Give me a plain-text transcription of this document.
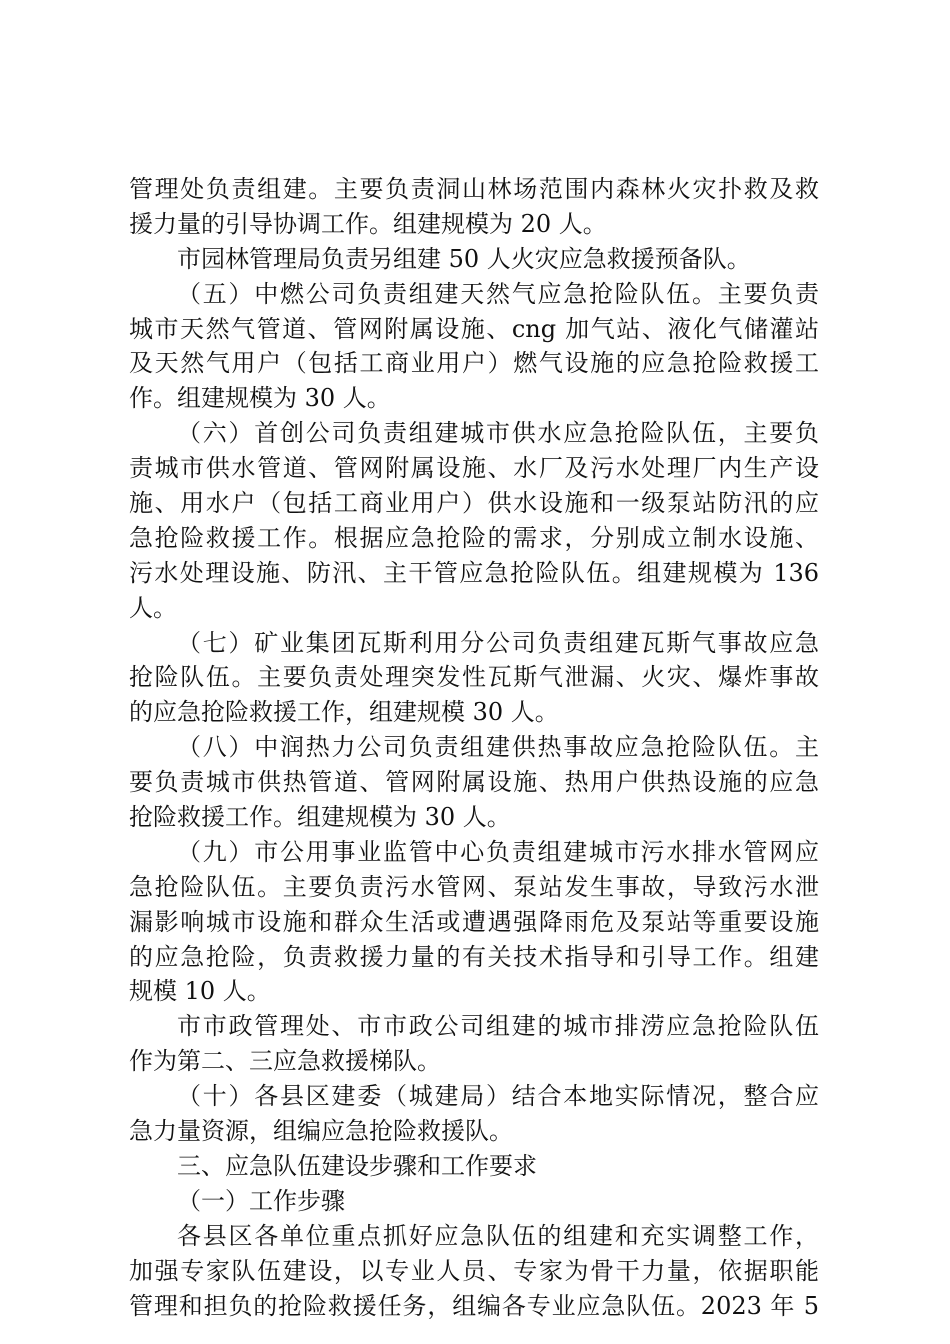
管理处负责组建。主要负责洞山林场范围内森林火灾扑救及救
援力量的引导协调工作。组建规模为 20 人。
市园林管理局负责另组建 50 人火灾应急救援预备队。
（五）中燃公司负责组建天然气应急抢险队伍。主要负责
城市天然气管道、管网附属设施、cng 加气站、液化气储灌站
及天然气用户（包括工商业用户）燃气设施的应急抢险救援工
作。组建规模为 30 人。
（六）首创公司负责组建城市供水应急抢险队伍，主要负
责城市供水管道、管网附属设施、水厂及污水处理厂内生产设
施、用水户（包括工商业用户）供水设施和一级泵站防汛的应
急抢险救援工作。根据应急抢险的需求，分别成立制水设施、
污水处理设施、防汛、主干管应急抢险队伍。组建规模为 136
人。
（七）矿业集团瓦斯利用分公司负责组建瓦斯气事故应急
抢险队伍。主要负责处理突发性瓦斯气泄漏、火灾、爆炸事故
的应急抢险救援工作，组建规模 30 人。
（八）中润热力公司负责组建供热事故应急抢险队伍。主
要负责城市供热管道、管网附属设施、热用户供热设施的应急
抢险救援工作。组建规模为 30 人。
（九）市公用事业监管中心负责组建城市污水排水管网应
急抢险队伍。主要负责污水管网、泵站发生事故，导致污水泄
漏影响城市设施和群众生活或遭遇强降雨危及泵站等重要设施
的应急抢险，负责救援力量的有关技术指导和引导工作。组建
规模 10 人。
市市政管理处、市市政公司组建的城市排涝应急抢险队伍
作为第二、三应急救援梯队。
（十）各县区建委（城建局）结合本地实际情况，整合应
急力量资源，组编应急抢险救援队。
三、应急队伍建设步骤和工作要求
（一）工作步骤
各县区各单位重点抓好应急队伍的组建和充实调整工作，
加强专家队伍建设，以专业人员、专家为骨干力量，依据职能
管理和担负的抢险救援任务，组编各专业应急队伍。2023 年 5
